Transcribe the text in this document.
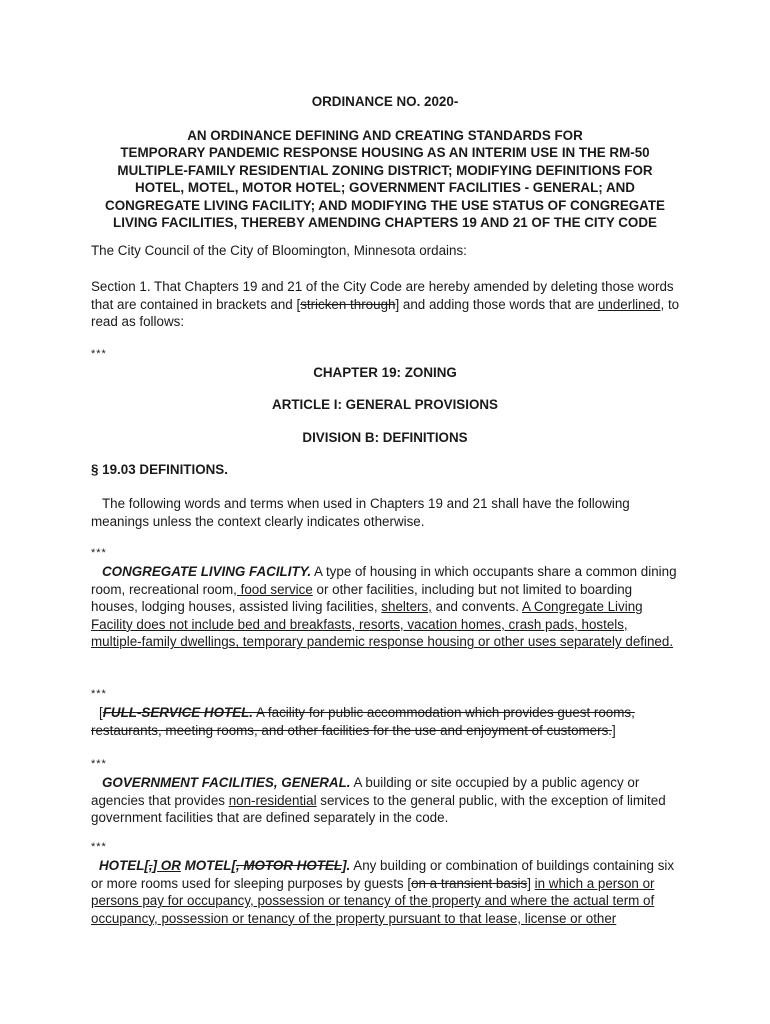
ORDINANCE NO. 2020-
AN ORDINANCE DEFINING AND CREATING STANDARDS FOR
TEMPORARY PANDEMIC RESPONSE HOUSING AS AN INTERIM USE IN THE RM-50
MULTIPLE-FAMILY RESIDENTIAL ZONING DISTRICT; MODIFYING DEFINITIONS FOR
HOTEL, MOTEL, MOTOR HOTEL; GOVERNMENT FACILITIES - GENERAL; AND
CONGREGATE LIVING FACILITY; AND MODIFYING THE USE STATUS OF CONGREGATE
LIVING FACILITIES, THEREBY AMENDING CHAPTERS 19 AND 21 OF THE CITY CODE
The City Council of the City of Bloomington, Minnesota ordains:
Section 1. That Chapters 19 and 21 of the City Code are hereby amended by deleting those words that are contained in brackets and [stricken through] and adding those words that are underlined, to read as follows:
***
CHAPTER 19: ZONING
ARTICLE I: GENERAL PROVISIONS
DIVISION B: DEFINITIONS
§ 19.03 DEFINITIONS.
The following words and terms when used in Chapters 19 and 21 shall have the following meanings unless the context clearly indicates otherwise.
***
CONGREGATE LIVING FACILITY. A type of housing in which occupants share a common dining room, recreational room, food service or other facilities, including but not limited to boarding houses, lodging houses, assisted living facilities, shelters, and convents. A Congregate Living Facility does not include bed and breakfasts, resorts, vacation homes, crash pads, hostels, multiple-family dwellings, temporary pandemic response housing or other uses separately defined.
***
[FULL-SERVICE HOTEL. A facility for public accommodation which provides guest rooms, restaurants, meeting rooms, and other facilities for the use and enjoyment of customers.]
***
GOVERNMENT FACILITIES, GENERAL. A building or site occupied by a public agency or agencies that provides non-residential services to the general public, with the exception of limited government facilities that are defined separately in the code.
***
HOTEL[,] OR MOTEL[, MOTOR HOTEL]. Any building or combination of buildings containing six or more rooms used for sleeping purposes by guests [on a transient basis] in which a person or persons pay for occupancy, possession or tenancy of the property and where the actual term of occupancy, possession or tenancy of the property pursuant to that lease, license or other
